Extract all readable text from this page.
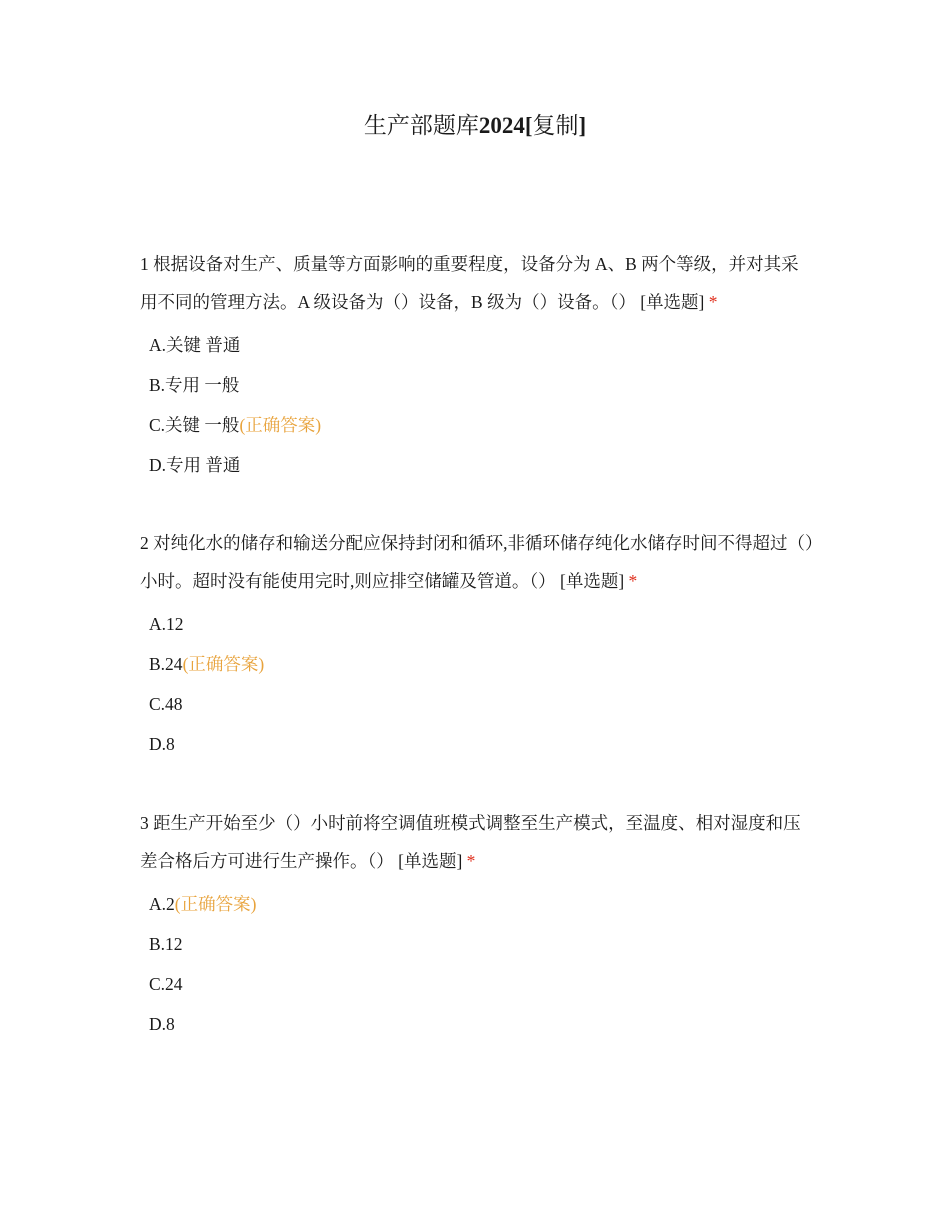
生产部题库2024[复制]

1 根据设备对生产、质量等方面影响的重要程度，设备分为 A、B 两个等级，并对其采用不同的管理方法。A 级设备为（）设备，B 级为（）设备。（） [单选题] *

A.关键 普通
B.专用 一般
C.关键 一般(正确答案)
D.专用 普通

2 对纯化水的储存和输送分配应保持封闭和循环,非循环储存纯化水储存时间不得超过（）小时。超时没有能使用完时,则应排空储罐及管道。（） [单选题] *

A.12
B.24(正确答案)
C.48
D.8

3 距生产开始至少（）小时前将空调值班模式调整至生产模式，至温度、相对湿度和压差合格后方可进行生产操作。（） [单选题] *

A.2(正确答案)
B.12
C.24
D.8
